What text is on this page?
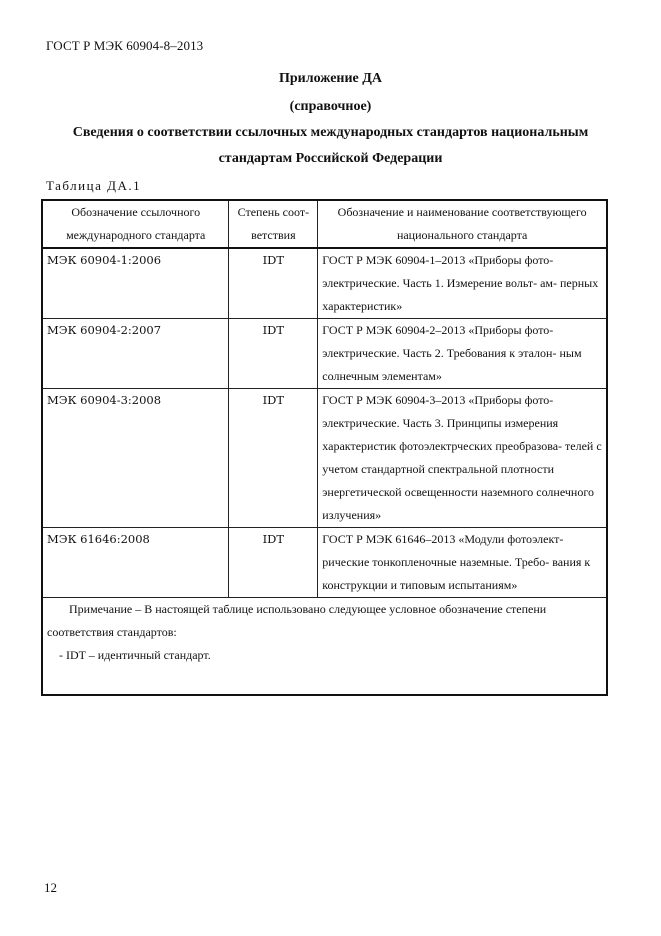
ГОСТ Р МЭК 60904-8–2013
Приложение ДА
(справочное)
Сведения о соответствии ссылочных международных стандартов национальным
стандартам Российской Федерации
Таблица ДА.1
Обозначение ссылочного международного стандарта	Степень соот- ветствия	Обозначение и наименование соответствующего национального стандарта
МЭК 60904-1:2006	IDT	ГОСТ Р МЭК 60904-1–2013 «Приборы фото- электрические. Часть 1. Измерение вольт- ам- перных характеристик»
МЭК 60904-2:2007	IDT	ГОСТ Р МЭК 60904-2–2013 «Приборы фото- электрические. Часть 2. Требования к эталон- ным солнечным элементам»
МЭК 60904-3:2008	IDT	ГОСТ Р МЭК 60904-3–2013 «Приборы фото- электрические. Часть 3. Принципы измерения характеристик фотоэлектрческих преобразова- телей с учетом стандартной спектральной плотности энергетической освещенности наземного солнечного излучения»
МЭК 61646:2008	IDT	ГОСТ Р МЭК 61646–2013 «Модули фотоэлект- рические тонкопленочные наземные. Требо- вания к конструкции и типовым испытаниям»

Примечание – В настоящей таблице использовано следующее условное обозначение степени
соответствия стандартов:
- IDT – идентичный стандарт.		
12
